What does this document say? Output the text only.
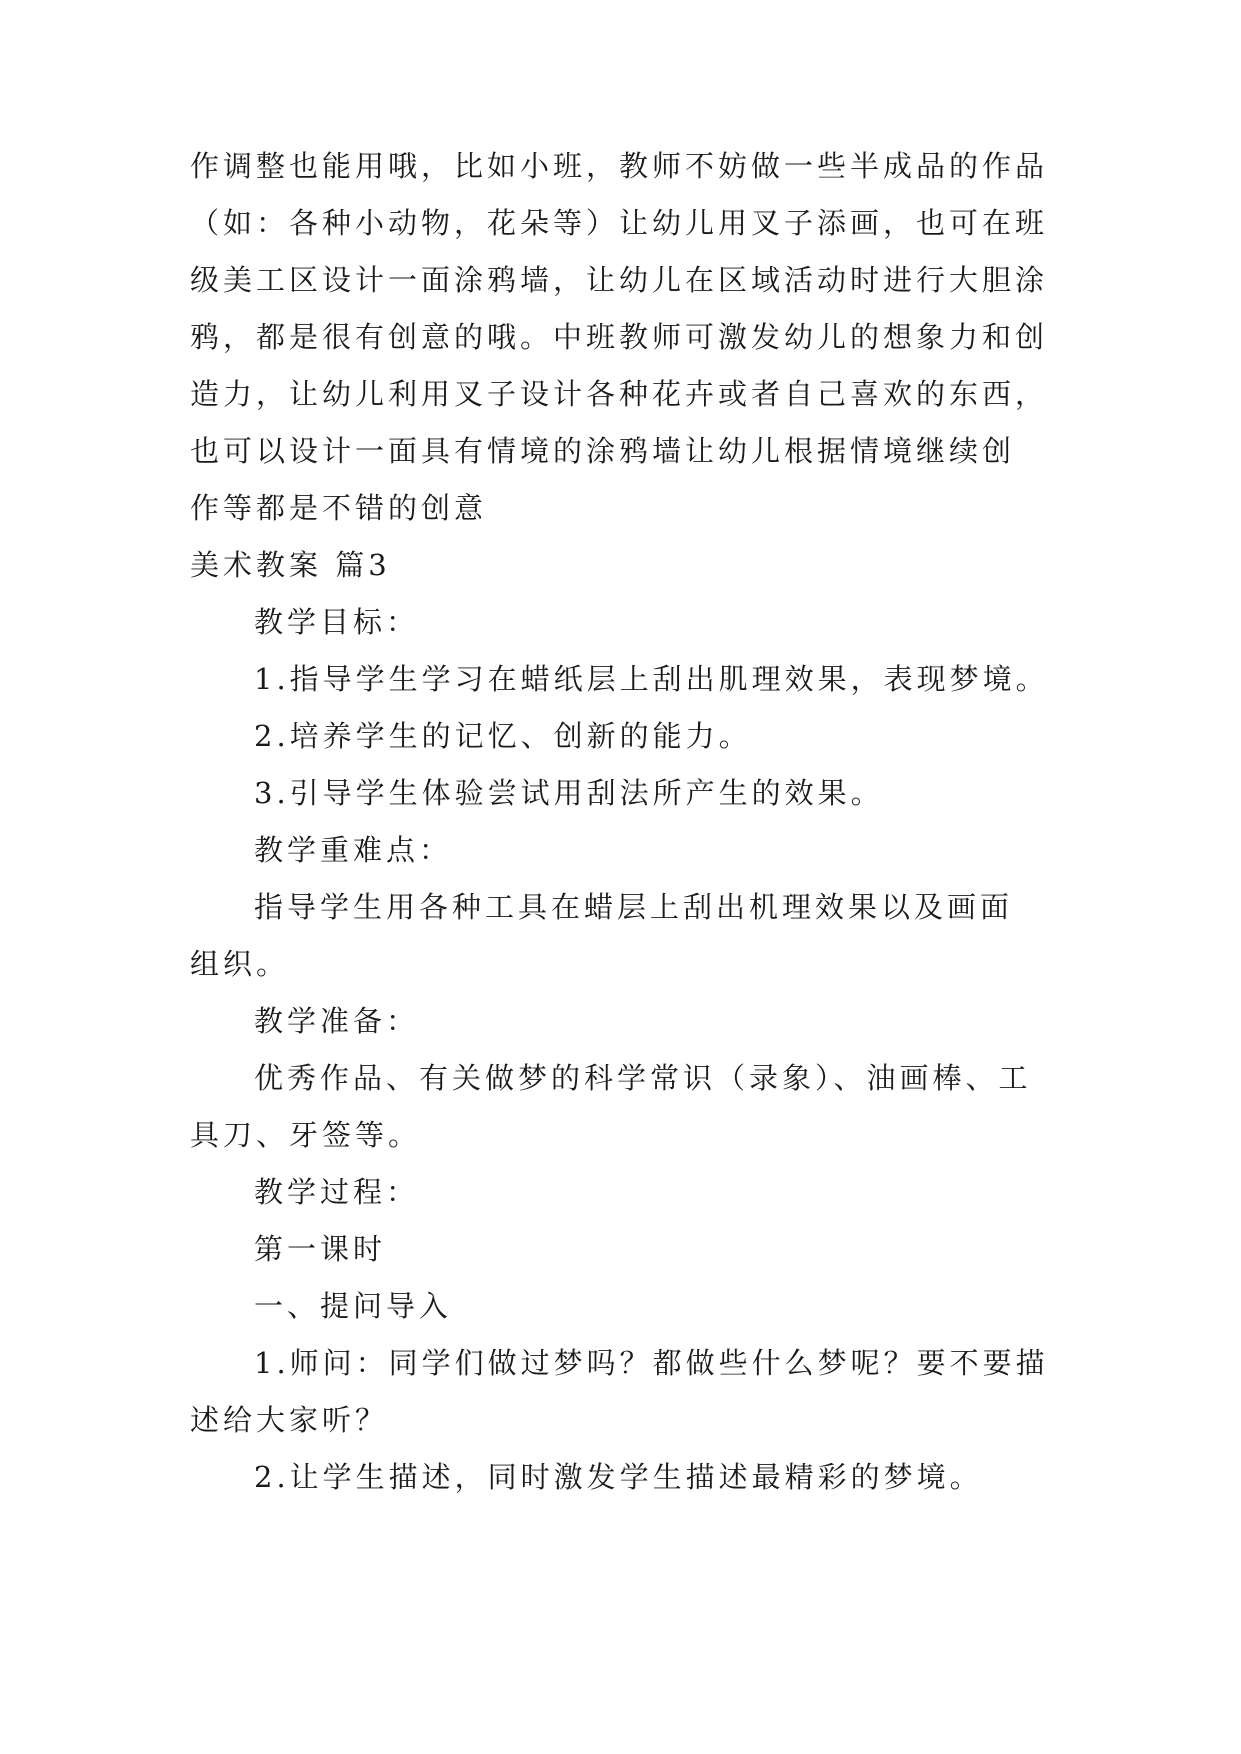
作调整也能用哦，比如小班，教师不妨做一些半成品的作品
（如：各种小动物，花朵等）让幼儿用叉子添画，也可在班
级美工区设计一面涂鸦墙，让幼儿在区域活动时进行大胆涂
鸦，都是很有创意的哦。中班教师可激发幼儿的想象力和创
造力，让幼儿利用叉子设计各种花卉或者自己喜欢的东西，
也可以设计一面具有情境的涂鸦墙让幼儿根据情境继续创
作等都是不错的创意
美术教案 篇3
教学目标：
1.指导学生学习在蜡纸层上刮出肌理效果，表现梦境。
2.培养学生的记忆、创新的能力。
3.引导学生体验尝试用刮法所产生的效果。
教学重难点：
指导学生用各种工具在蜡层上刮出机理效果以及画面
组织。
教学准备：
优秀作品、有关做梦的科学常识（录象）、油画棒、工
具刀、牙签等。
教学过程：
第一课时
一、提问导入
1.师问：同学们做过梦吗？都做些什么梦呢？要不要描
述给大家听？
2.让学生描述，同时激发学生描述最精彩的梦境。
